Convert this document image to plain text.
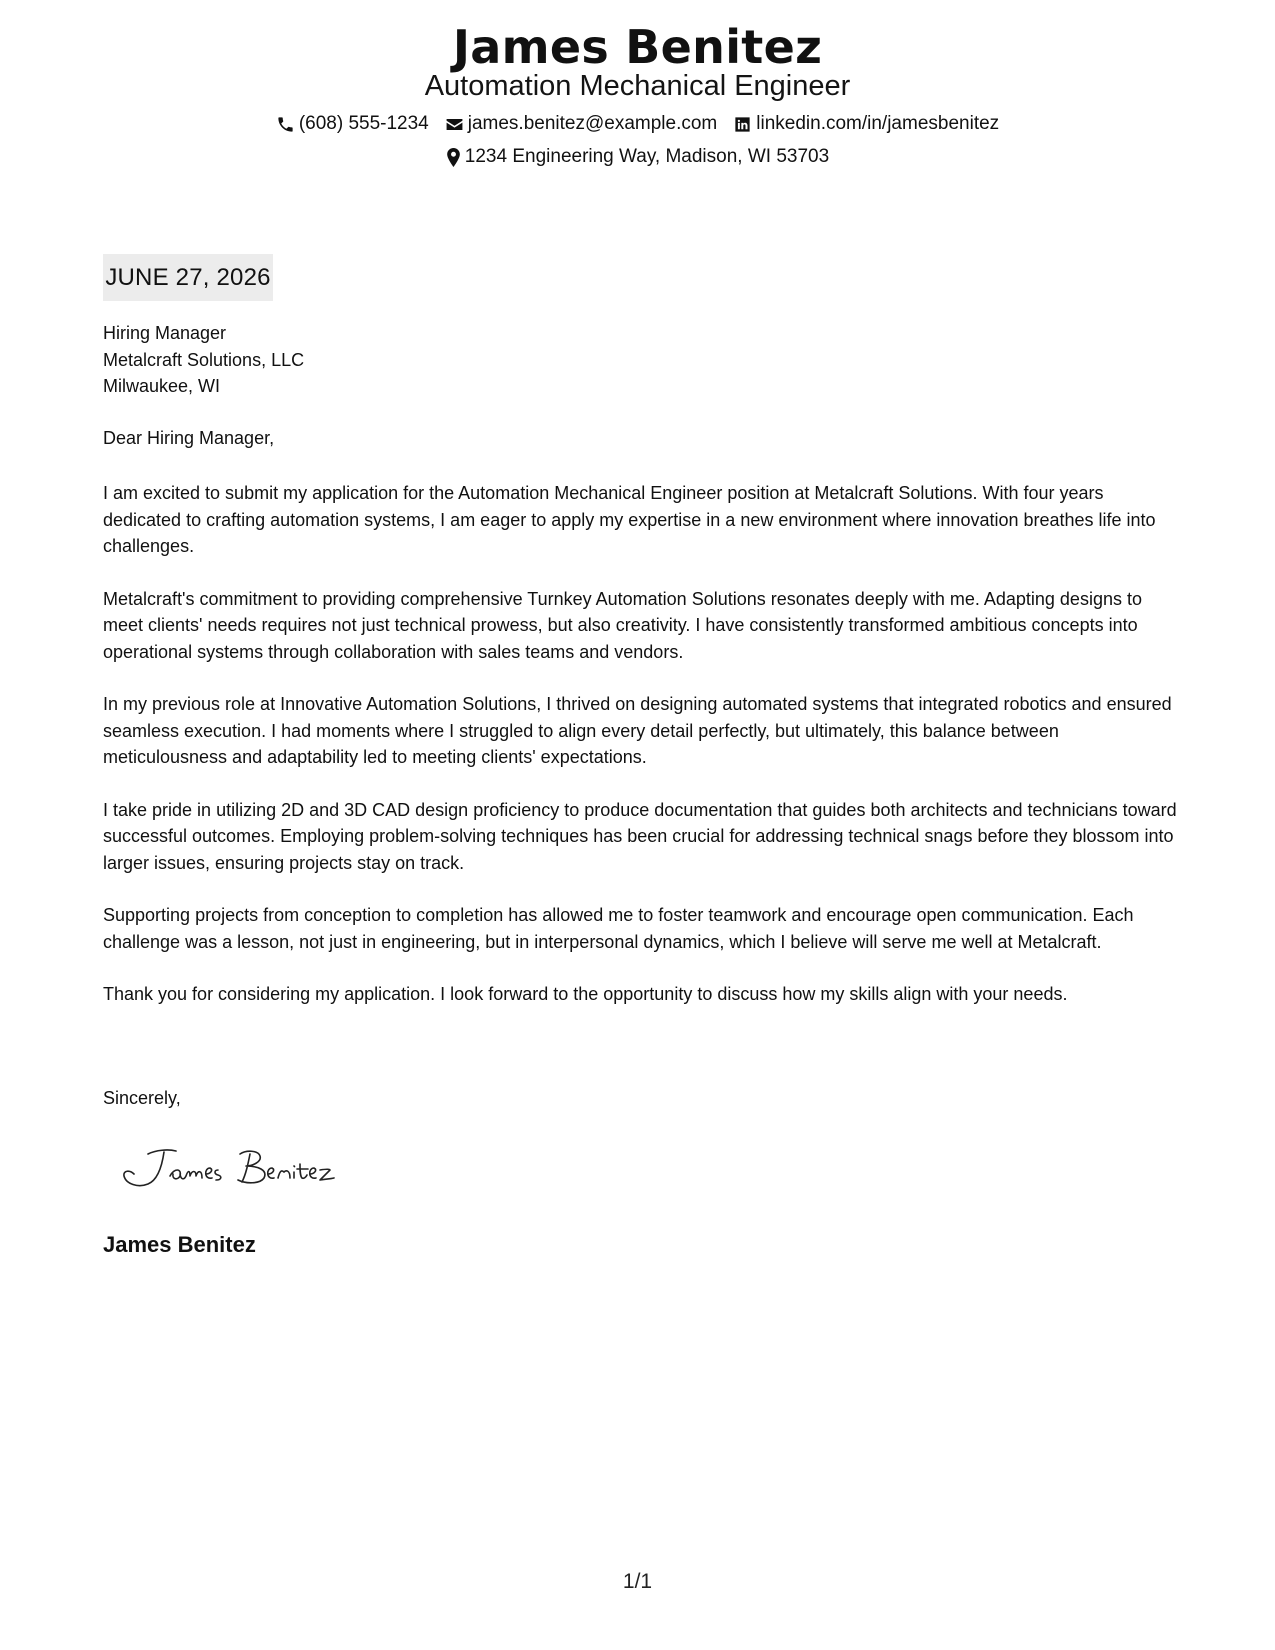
James Benitez
Automation Mechanical Engineer
(608) 555-1234 james.benitez@example.com linkedin.com/in/jamesbenitez
1234 Engineering Way, Madison, WI 53703
JUNE 27, 2026
Hiring Manager
Metalcraft Solutions, LLC
Milwaukee, WI
Dear Hiring Manager,

I am excited to submit my application for the Automation Mechanical Engineer position at Metalcraft Solutions. With four years dedicated to crafting automation systems, I am eager to apply my expertise in a new environment where innovation breathes life into challenges.

Metalcraft's commitment to providing comprehensive Turnkey Automation Solutions resonates deeply with me. Adapting designs to meet clients' needs requires not just technical prowess, but also creativity. I have consistently transformed ambitious concepts into operational systems through collaboration with sales teams and vendors.

In my previous role at Innovative Automation Solutions, I thrived on designing automated systems that integrated robotics and ensured seamless execution. I had moments where I struggled to align every detail perfectly, but ultimately, this balance between meticulousness and adaptability led to meeting clients' expectations.

I take pride in utilizing 2D and 3D CAD design proficiency to produce documentation that guides both architects and technicians toward successful outcomes. Employing problem-solving techniques has been crucial for addressing technical snags before they blossom into larger issues, ensuring projects stay on track.

Supporting projects from conception to completion has allowed me to foster teamwork and encourage open communication. Each challenge was a lesson, not just in engineering, but in interpersonal dynamics, which I believe will serve me well at Metalcraft.

Thank you for considering my application. I look forward to the opportunity to discuss how my skills align with your needs.

Sincerely,
James Benitez
1/1
